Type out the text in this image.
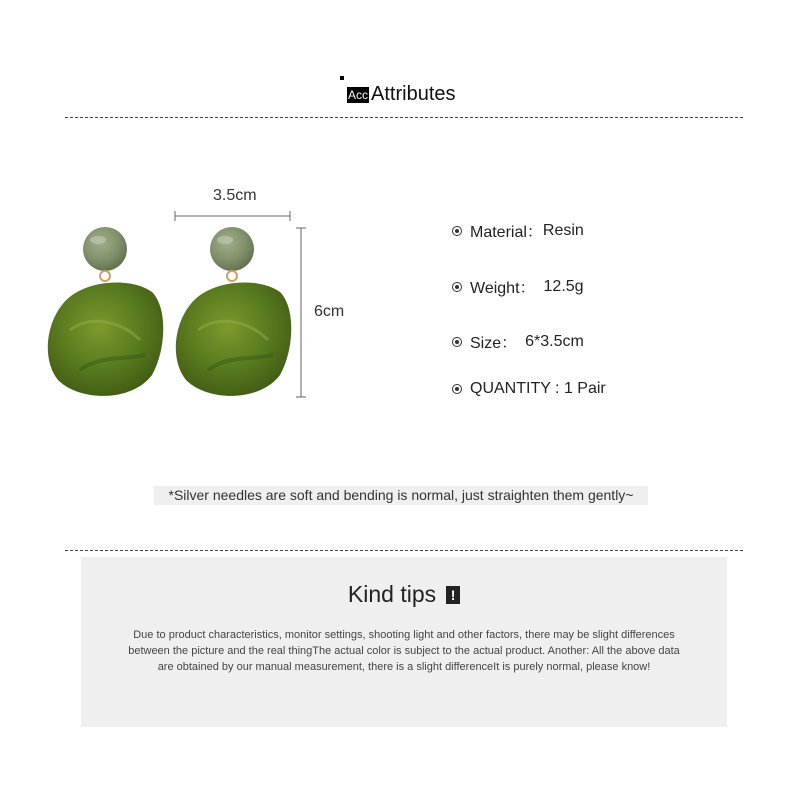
Acc Attributes
3.5cm
6cm
Material： Resin
Weight： 12.5g
Size： 6*3.5cm
QUANTITY : 1 Pair
*Silver needles are soft and bending is normal, just straighten them gently~
Kind tips	!
Due to product characteristics, monitor settings, shooting light and other factors, there may be slight differences between the picture and the real thingThe actual color is subject to the actual product. Another: All the above data are obtained by our manual measurement, there is a slight differenceIt is purely normal, please know!
